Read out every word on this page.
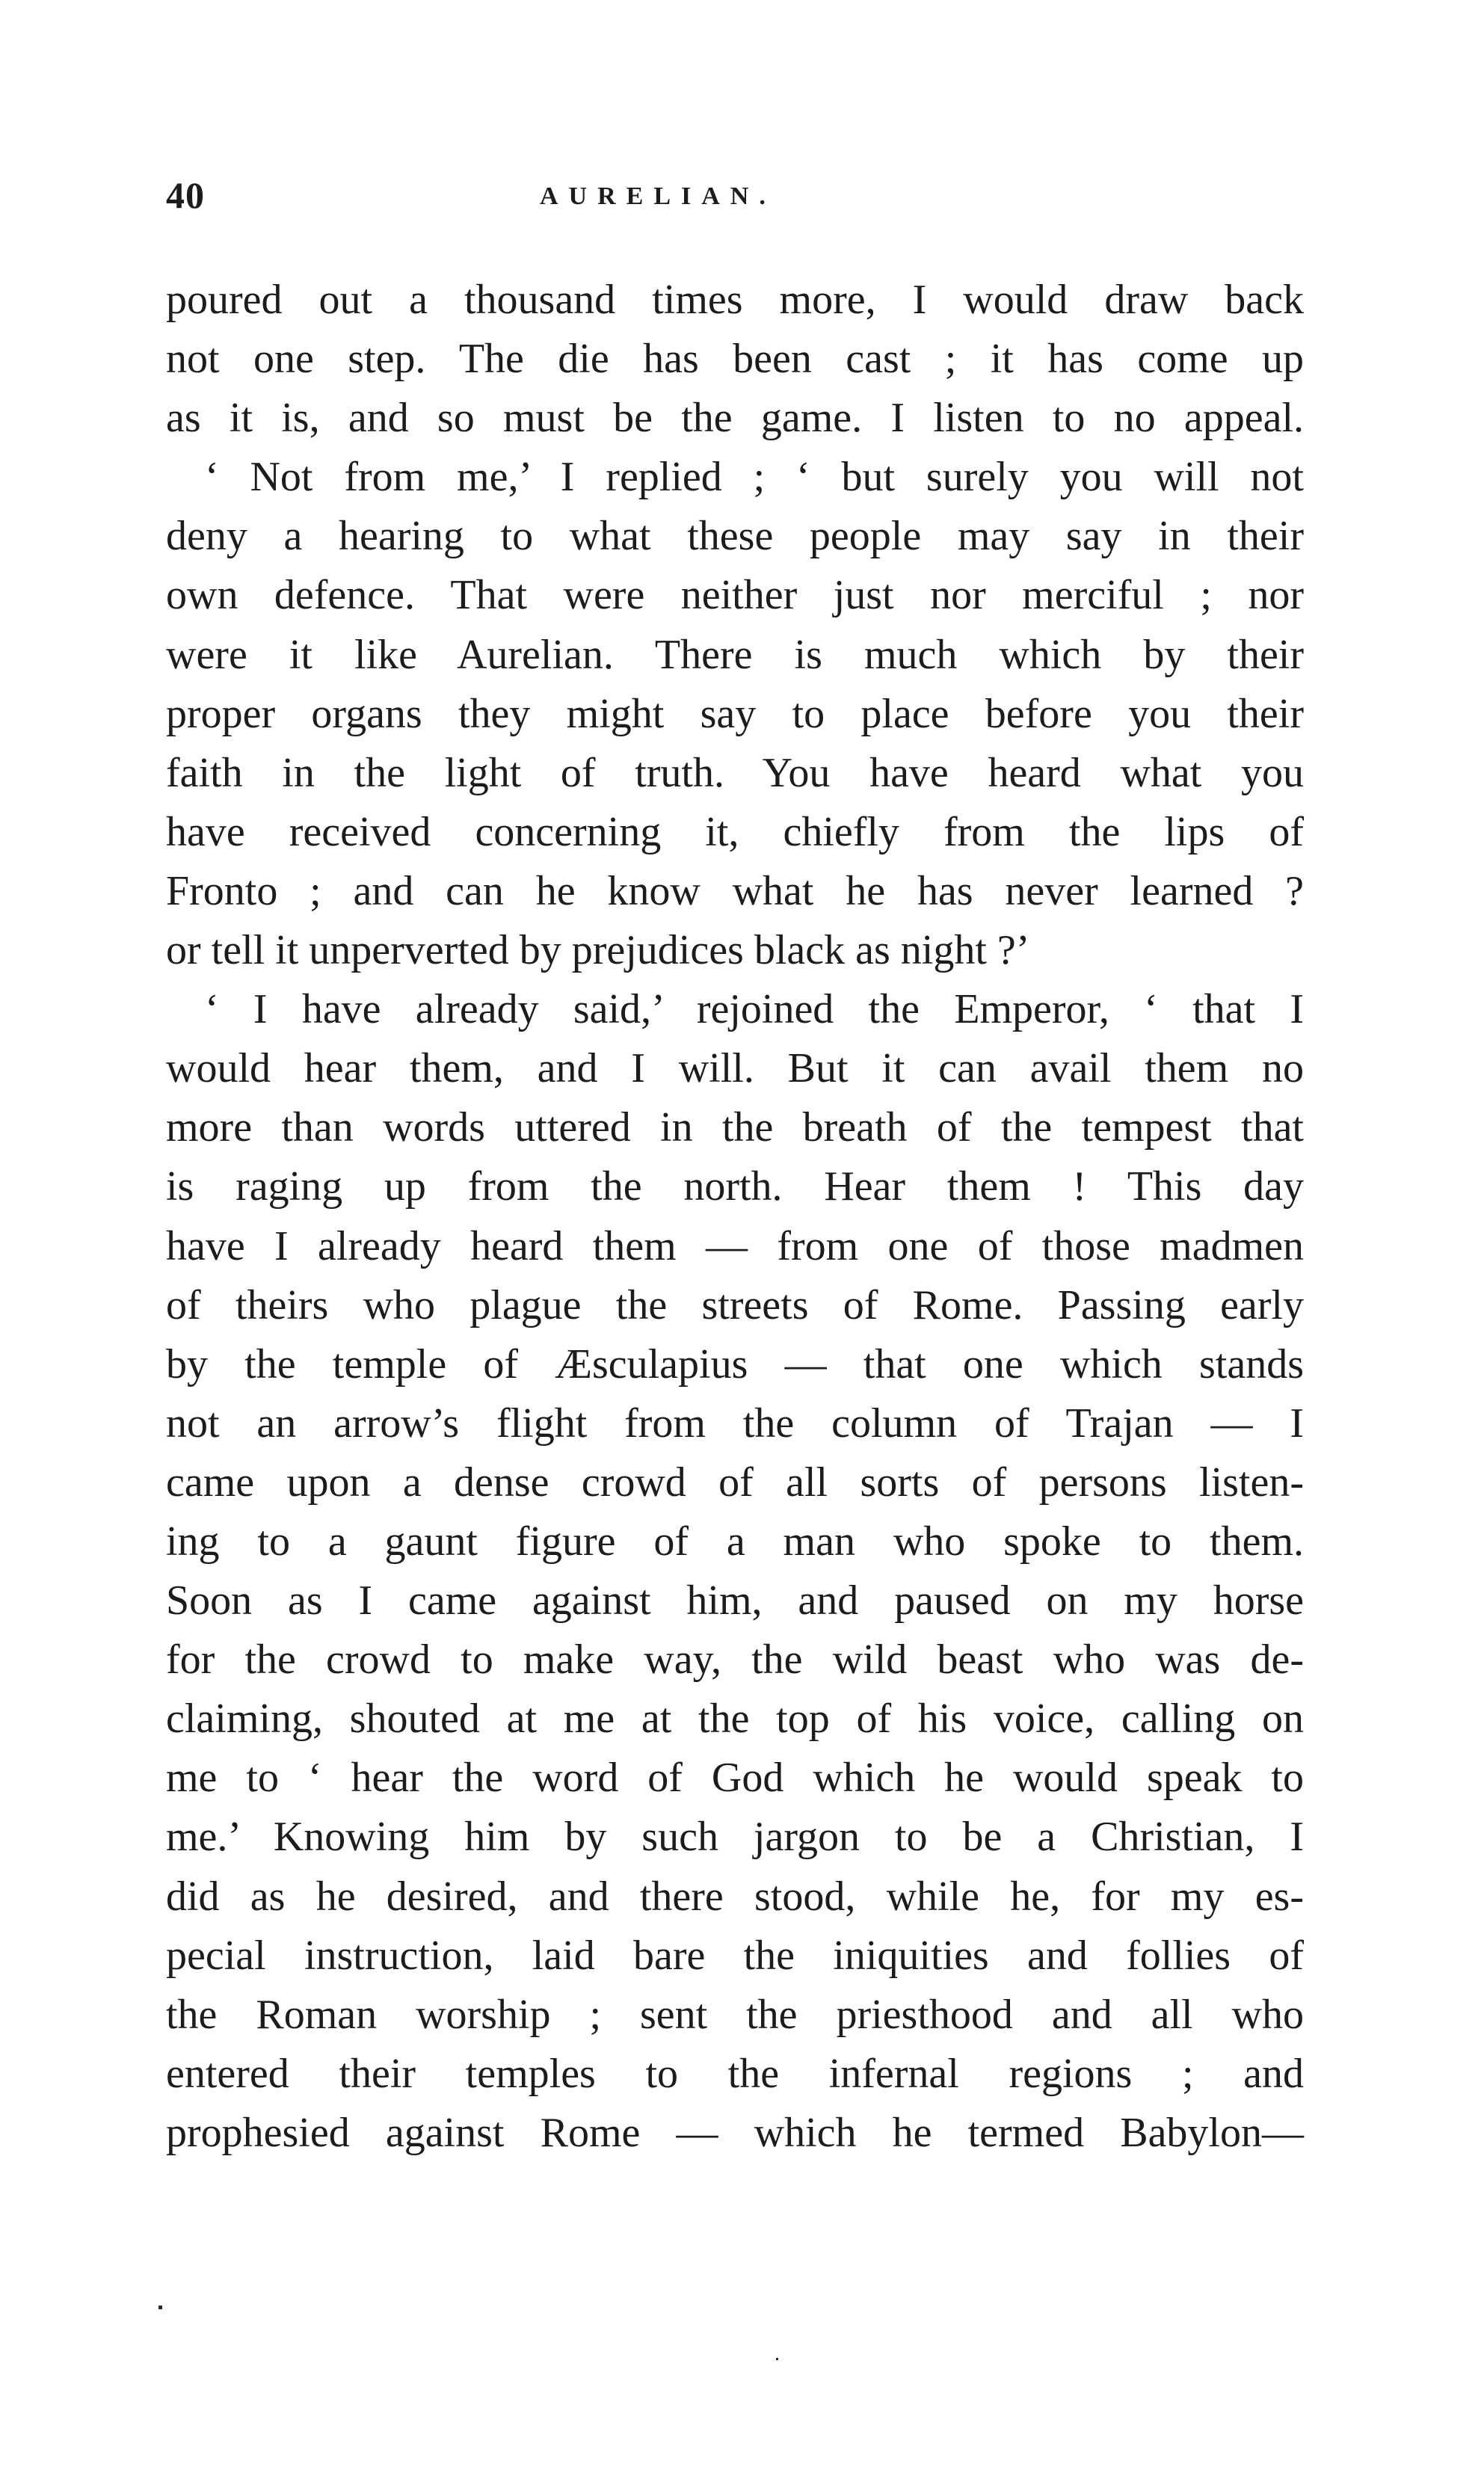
40	AURELIAN.
poured out a thousand times more, I would draw back
not one step. The die has been cast ; it has come up
as it is, and so must be the game. I listen to no appeal.
‘ Not from me,’ I replied ; ‘ but surely you will not
deny a hearing to what these people may say in their
own defence. That were neither just nor merciful ; nor
were it like Aurelian. There is much which by their
proper organs they might say to place before you their
faith in the light of truth. You have heard what you
have received concerning it, chiefly from the lips of
Fronto ; and can he know what he has never learned ?
or tell it unperverted by prejudices black as night ?’
‘ I have already said,’ rejoined the Emperor, ‘ that I
would hear them, and I will. But it can avail them no
more than words uttered in the breath of the tempest that
is raging up from the north. Hear them ! This day
have I already heard them — from one of those madmen
of theirs who plague the streets of Rome. Passing early
by the temple of Æsculapius — that one which stands
not an arrow’s flight from the column of Trajan — I
came upon a dense crowd of all sorts of persons listen-
ing to a gaunt figure of a man who spoke to them.
Soon as I came against him, and paused on my horse
for the crowd to make way, the wild beast who was de-
claiming, shouted at me at the top of his voice, calling on
me to ‘ hear the word of God which he would speak to
me.’ Knowing him by such jargon to be a Christian, I
did as he desired, and there stood, while he, for my es-
pecial instruction, laid bare the iniquities and follies of
the Roman worship ; sent the priesthood and all who
entered their temples to the infernal regions ; and
prophesied against Rome — which he termed Babylon—
